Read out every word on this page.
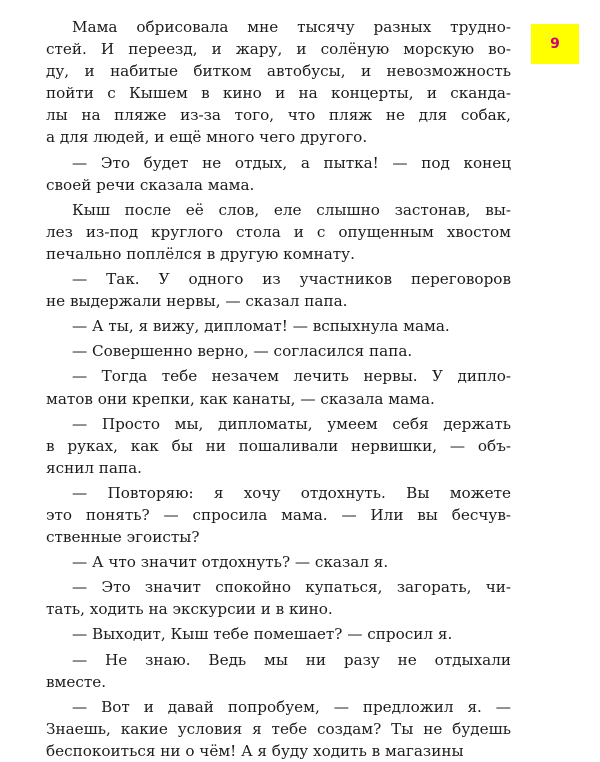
9
Мама обрисовала мне тысячу разных трудно-
стей. И переезд, и жару, и солёную морскую во-
ду, и набитые битком автобусы, и невозможность
пойти с Кышем в кино и на концерты, и сканда-
лы на пляже из-за того, что пляж не для собак,
а для людей, и ещё много чего другого.
— Это будет не отдых, а пытка! — под конец
своей речи сказала мама.
Кыш после её слов, еле слышно застонав, вы-
лез из-под круглого стола и с опущенным хвостом
печально поплёлся в другую комнату.
— Так. У одного из участников переговоров
не выдержали нервы, — сказал папа.
— А ты, я вижу, дипломат! — вспыхнула мама.
— Совершенно верно, — согласился папа.
— Тогда тебе незачем лечить нервы. У дипло-
матов они крепки, как канаты, — сказала мама.
— Просто мы, дипломаты, умеем себя держать
в руках, как бы ни пошаливали нервишки, — объ-
яснил папа.
— Повторяю: я хочу отдохнуть. Вы можете
это понять? — спросила мама. — Или вы бесчув-
ственные эгоисты?
— А что значит отдохнуть? — сказал я.
— Это значит спокойно купаться, загорать, чи-
тать, ходить на экскурсии и в кино.
— Выходит, Кыш тебе помешает? — спросил я.
— Не знаю. Ведь мы ни разу не отдыхали
вместе.
— Вот и давай попробуем, — предложил я. —
Знаешь, какие условия я тебе создам? Ты не будешь
беспокоиться ни о чём! А я буду ходить в магазины
